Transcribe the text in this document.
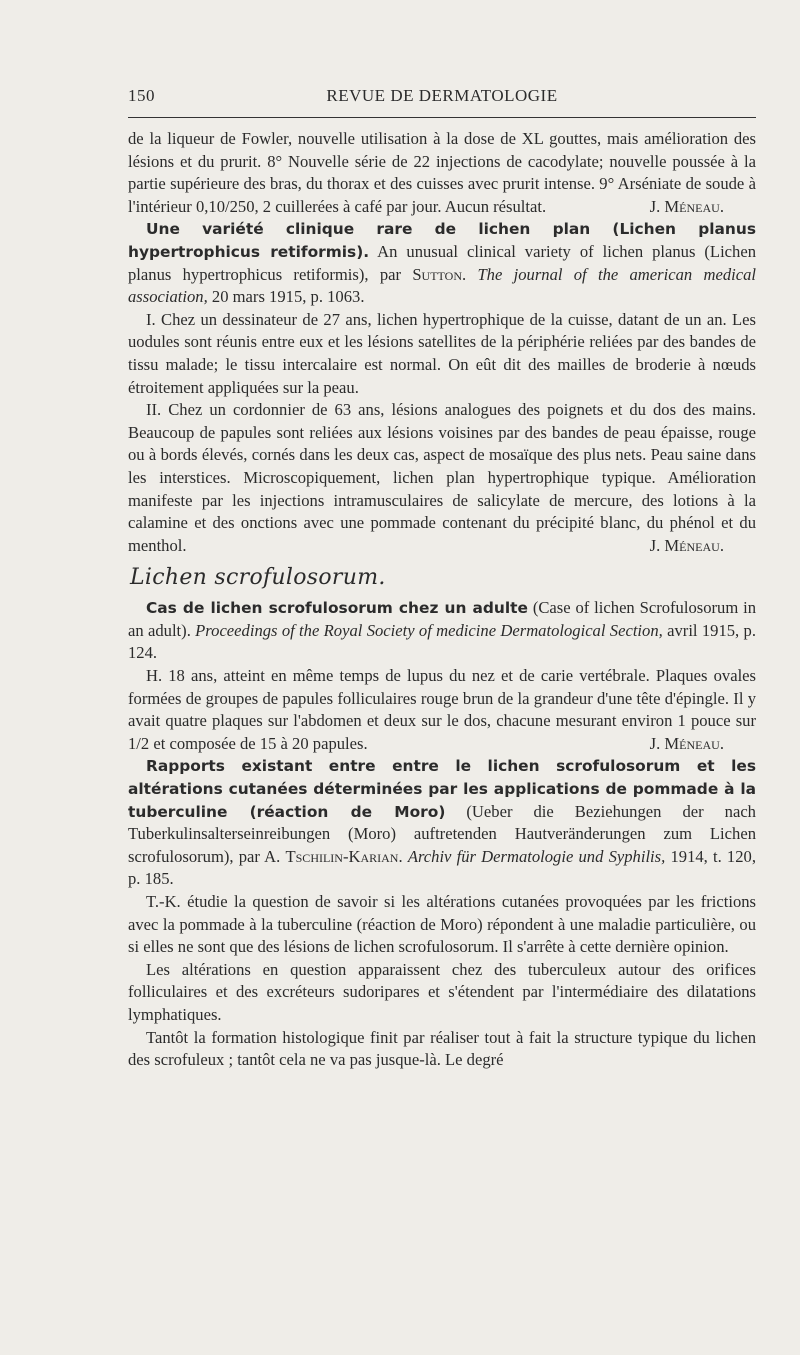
150	REVUE DE DERMATOLOGIE

de la liqueur de Fowler, nouvelle utilisation à la dose de XL gouttes, mais amélioration des lésions et du prurit. 8° Nouvelle série de 22 injections de cacodylate; nouvelle poussée à la partie supérieure des bras, du thorax et des cuisses avec prurit intense. 9° Arséniate de soude à l'intérieur 0,10/250, 2 cuillerées à café par jour. Aucun résultat.	J. Méneau.

Une variété clinique rare de lichen plan (Lichen planus hypertrophicus retiformis). An unusual clinical variety of lichen planus (Lichen planus hypertrophicus retiformis), par Sutton. The journal of the american medical association, 20 mars 1915, p. 1063.

I. Chez un dessinateur de 27 ans, lichen hypertrophique de la cuisse, datant de un an. Les uodules sont réunis entre eux et les lésions satellites de la périphérie reliées par des bandes de tissu malade; le tissu intercalaire est normal. On eût dit des mailles de broderie à nœuds étroitement appliquées sur la peau.

II. Chez un cordonnier de 63 ans, lésions analogues des poignets et du dos des mains. Beaucoup de papules sont reliées aux lésions voisines par des bandes de peau épaisse, rouge ou à bords élevés, cornés dans les deux cas, aspect de mosaïque des plus nets. Peau saine dans les interstices. Microscopiquement, lichen plan hypertrophique typique. Amélioration manifeste par les injections intramusculaires de salicylate de mercure, des lotions à la calamine et des onctions avec une pommade contenant du précipité blanc, du phénol et du menthol.	J. Méneau.

Lichen scrofulosorum.

Cas de lichen scrofulosorum chez un adulte (Case of lichen Scrofulosorum in an adult). Proceedings of the Royal Society of medicine Dermatological Section, avril 1915, p. 124.

H. 18 ans, atteint en même temps de lupus du nez et de carie vertébrale. Plaques ovales formées de groupes de papules folliculaires rouge brun de la grandeur d'une tête d'épingle. Il y avait quatre plaques sur l'abdomen et deux sur le dos, chacune mesurant environ 1 pouce sur 1/2 et composée de 15 à 20 papules.	J. Méneau.

Rapports existant entre entre le lichen scrofulosorum et les altérations cutanées déterminées par les applications de pommade à la tuberculine (réaction de Moro) (Ueber die Beziehungen der nach Tuberkulinsalterseinreibungen (Moro) auftretenden Hautveränderungen zum Lichen scrofulosorum), par A. Tschilin-Karian. Archiv für Dermatologie und Syphilis, 1914, t. 120, p. 185.

T.-K. étudie la question de savoir si les altérations cutanées provoquées par les frictions avec la pommade à la tuberculine (réaction de Moro) répondent à une maladie particulière, ou si elles ne sont que des lésions de lichen scrofulosorum. Il s'arrête à cette dernière opinion.

Les altérations en question apparaissent chez des tuberculeux autour des orifices folliculaires et des excréteurs sudoripares et s'étendent par l'intermédiaire des dilatations lymphatiques.

Tantôt la formation histologique finit par réaliser tout à fait la structure typique du lichen des scrofuleux ; tantôt cela ne va pas jusque-là. Le degré
